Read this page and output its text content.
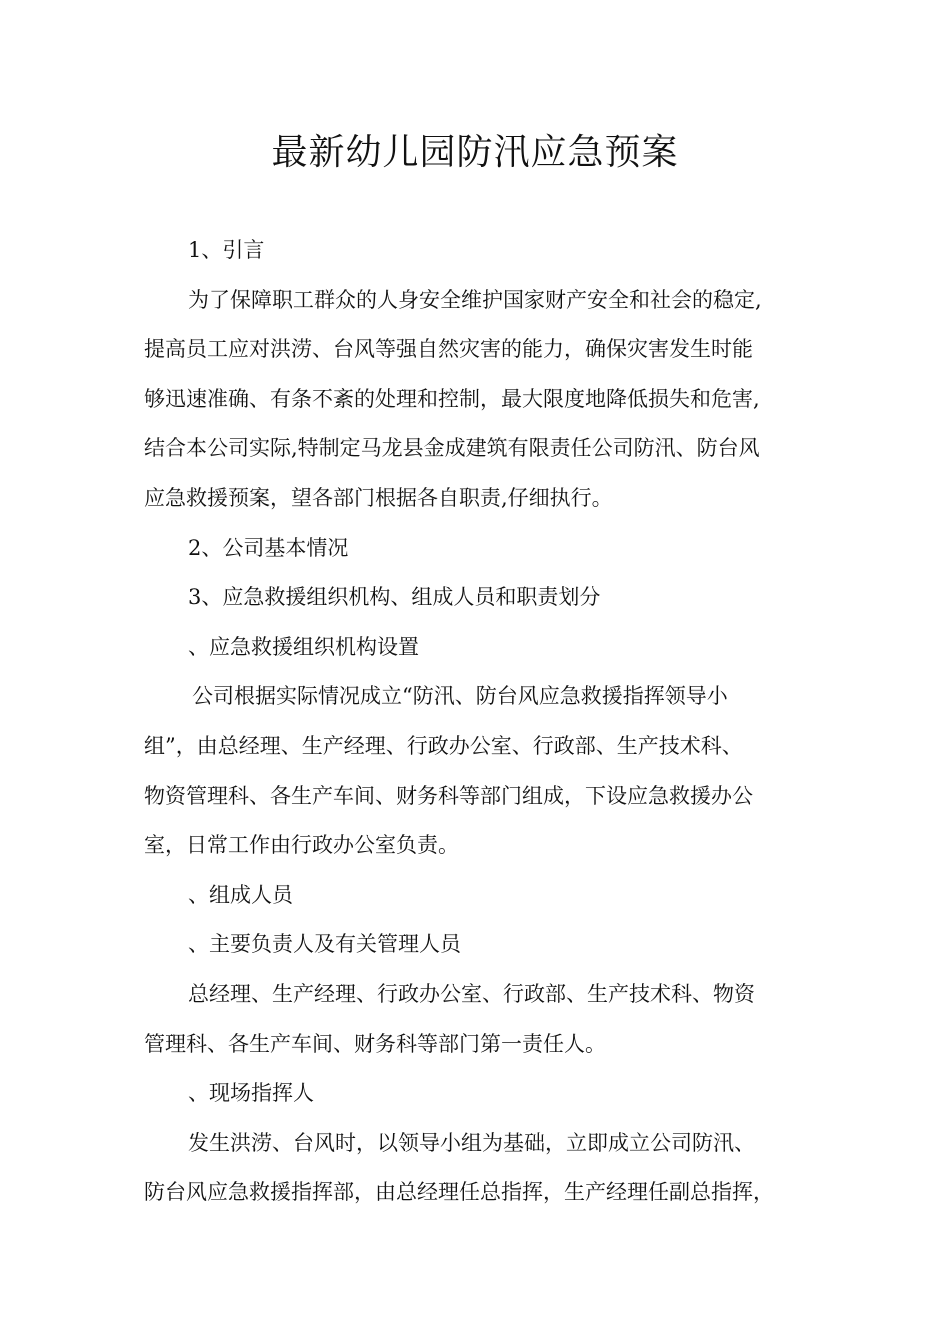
最新幼儿园防汛应急预案

1、引言

为了保障职工群众的人身安全维护国家财产安全和社会的稳定,

提高员工应对洪涝、台风等强自然灾害的能力，确保灾害发生时能

够迅速准确、有条不紊的处理和控制，最大限度地降低损失和危害,

结合本公司实际,特制定马龙县金成建筑有限责任公司防汛、防台风

应急救援预案，望各部门根据各自职责,仔细执行。

2、公司基本情况

3、应急救援组织机构、组成人员和职责划分

、应急救援组织机构设置

公司根据实际情况成立“防汛、防台风应急救援指挥领导小

组”，由总经理、生产经理、行政办公室、行政部、生产技术科、

物资管理科、各生产车间、财务科等部门组成，下设应急救援办公

室，日常工作由行政办公室负责。

、组成人员

、主要负责人及有关管理人员

总经理、生产经理、行政办公室、行政部、生产技术科、物资

管理科、各生产车间、财务科等部门第一责任人。

、现场指挥人

发生洪涝、台风时，以领导小组为基础，立即成立公司防汛、

防台风应急救援指挥部，由总经理任总指挥，生产经理任副总指挥，
